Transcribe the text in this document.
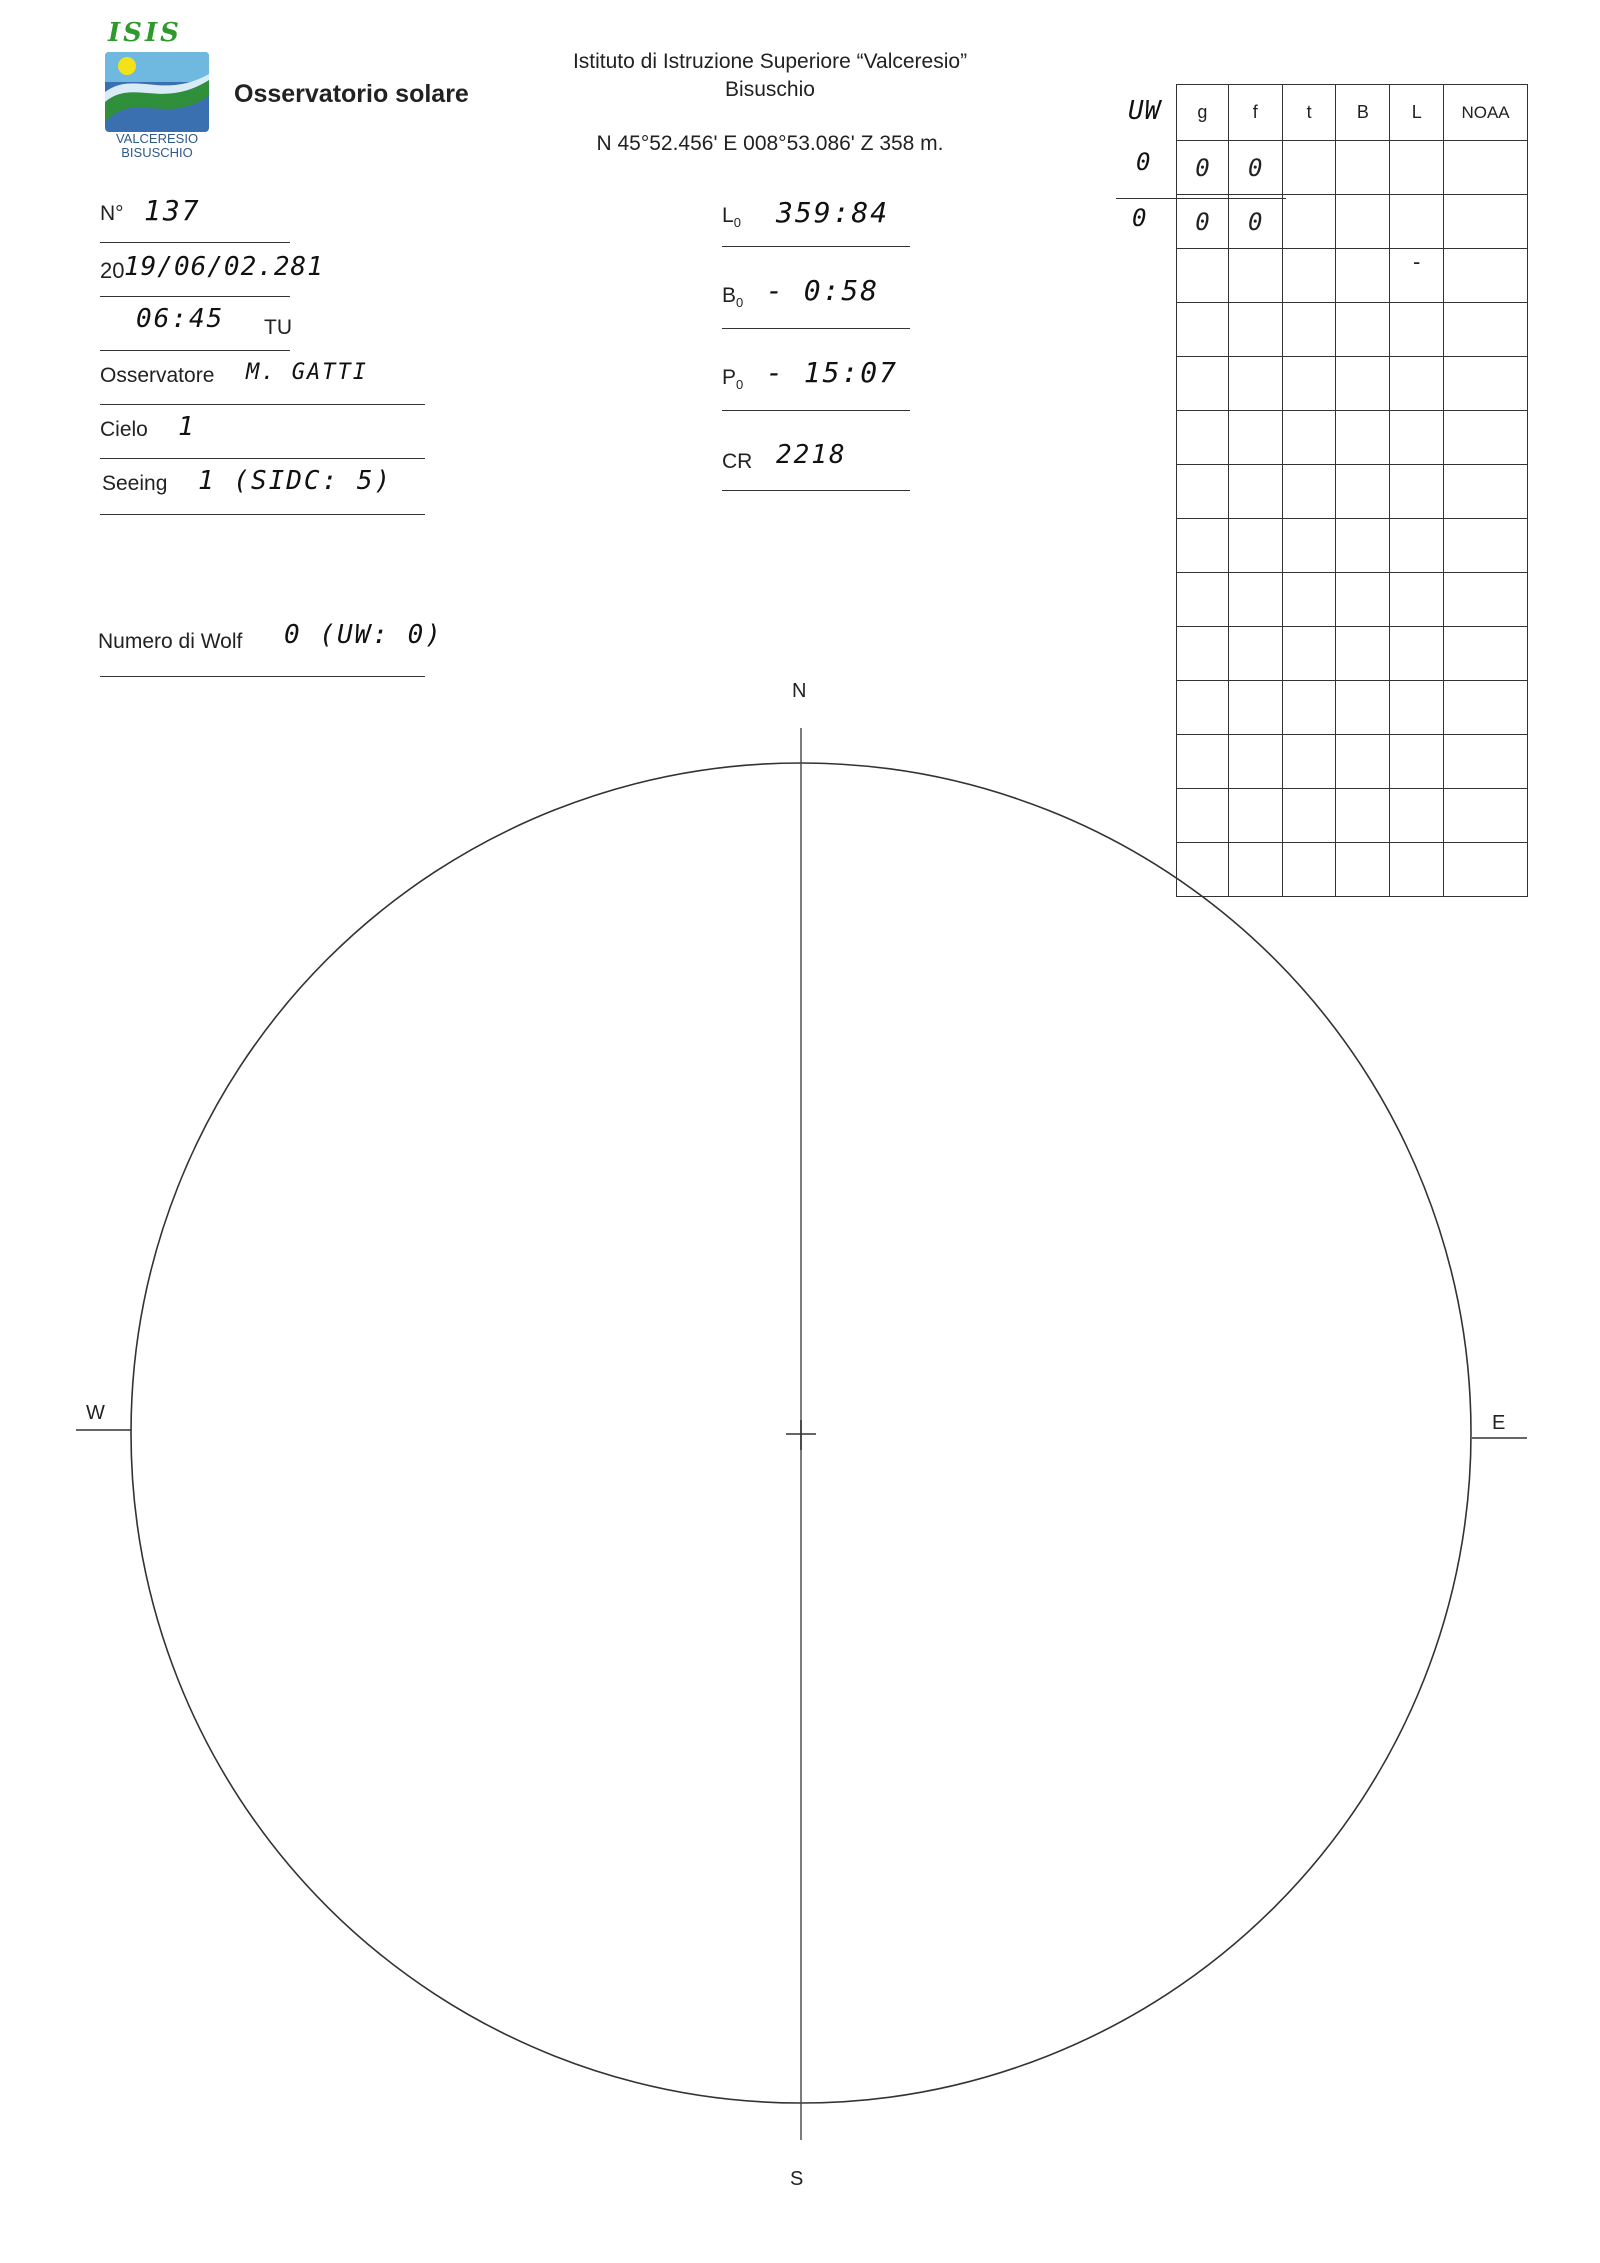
ISIS
VALCERESIO
BISUSCHIO
Osservatorio solare
Istituto di Istruzione Superiore “Valceresio”
Bisuschio
N 45°52.456' E 008°53.086' Z 358 m.
N° 137
20 19/06/02.281
06:45 TU
Osservatore M. GATTI
Cielo 1
Seeing 1 (SIDC: 5)
Numero di Wolf 0 (UW: 0)
$L_0$ 359:84
$B_0$ - 0:58
$P_0$ - 15:07
CR 2218
UW
0
0
g	f	t	B	L	NOAA
0	0				
0	0				
				-	

N
S
W	E
